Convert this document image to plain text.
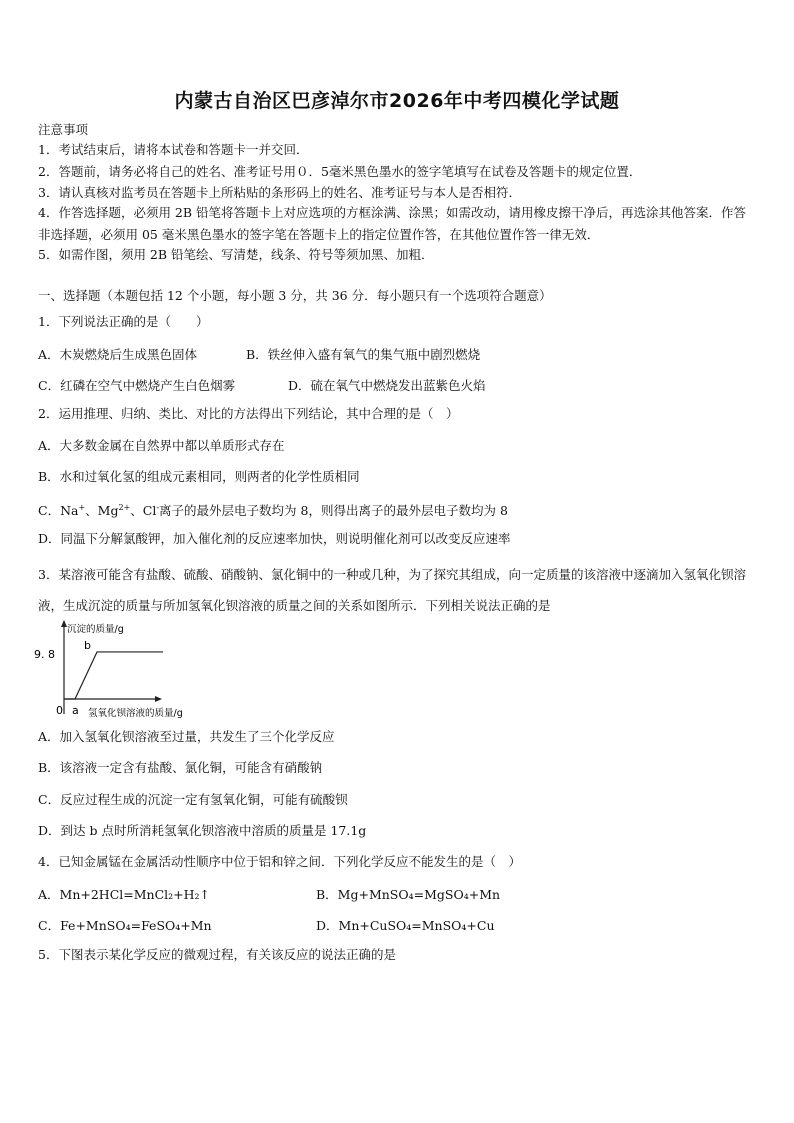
内蒙古自治区巴彦淖尔市2026年中考四模化学试题
注意事项
1．考试结束后，请将本试卷和答题卡一并交回．
2．答题前，请务必将自己的姓名、准考证号用０．5毫米黑色墨水的签字笔填写在试卷及答题卡的规定位置．
3．请认真核对监考员在答题卡上所粘贴的条形码上的姓名、准考证号与本人是否相符．
4．作答选择题，必须用 2B 铅笔将答题卡上对应选项的方框涂满、涂黑；如需改动，请用橡皮擦干净后，再选涂其他答案．作答非选择题，必须用 05 毫米黑色墨水的签字笔在答题卡上的指定位置作答，在其他位置作答一律无效．
5．如需作图，须用 2B 铅笔绘、写清楚，线条、符号等须加黑、加粗．
一、选择题（本题包括 12 个小题，每小题 3 分，共 36 分．每小题只有一个选项符合题意）
1．下列说法正确的是（　　）
A．木炭燃烧后生成黑色固体	B．铁丝伸入盛有氧气的集气瓶中剧烈燃烧
C．红磷在空气中燃烧产生白色烟雾	D．硫在氧气中燃烧发出蓝紫色火焰
2．运用推理、归纳、类比、对比的方法得出下列结论，其中合理的是（　）
A．大多数金属在自然界中都以单质形式存在
B．水和过氧化氢的组成元素相同，则两者的化学性质相同
C．Na+、$Mg^{2+}$、Cl-离子的最外层电子数均为 8，则得出离子的最外层电子数均为 8
D．同温下分解氯酸钾，加入催化剂的反应速率加快，则说明催化剂可以改变反应速率
3．某溶液可能含有盐酸、硫酸、硝酸钠、氯化铜中的一种或几种，为了探究其组成，向一定质量的该溶液中逐滴加入氢氧化钡溶液，生成沉淀的质量与所加氢氧化钡溶液的质量之间的关系如图所示．下列相关说法正确的是
沉淀的质量/g
9. 8
0 a
b
氢氧化钡溶液的质量/g
A．加入氢氧化钡溶液至过量，共发生了三个化学反应
B．该溶液一定含有盐酸、氯化铜，可能含有硝酸钠
C．反应过程生成的沉淀一定有氢氧化铜，可能有硫酸钡
D．到达 b 点时所消耗氢氧化钡溶液中溶质的质量是 17.1g
4．已知金属锰在金属活动性顺序中位于铝和锌之间．下列化学反应不能发生的是（　）
A．Mn+2HCl=MnCl₂+H₂↑	B．Mg+MnSO₄=MgSO₄+Mn
C．Fe+MnSO₄=FeSO₄+Mn	D．Mn+CuSO₄=MnSO₄+Cu
5．下图表示某化学反应的微观过程，有关该反应的说法正确的是
